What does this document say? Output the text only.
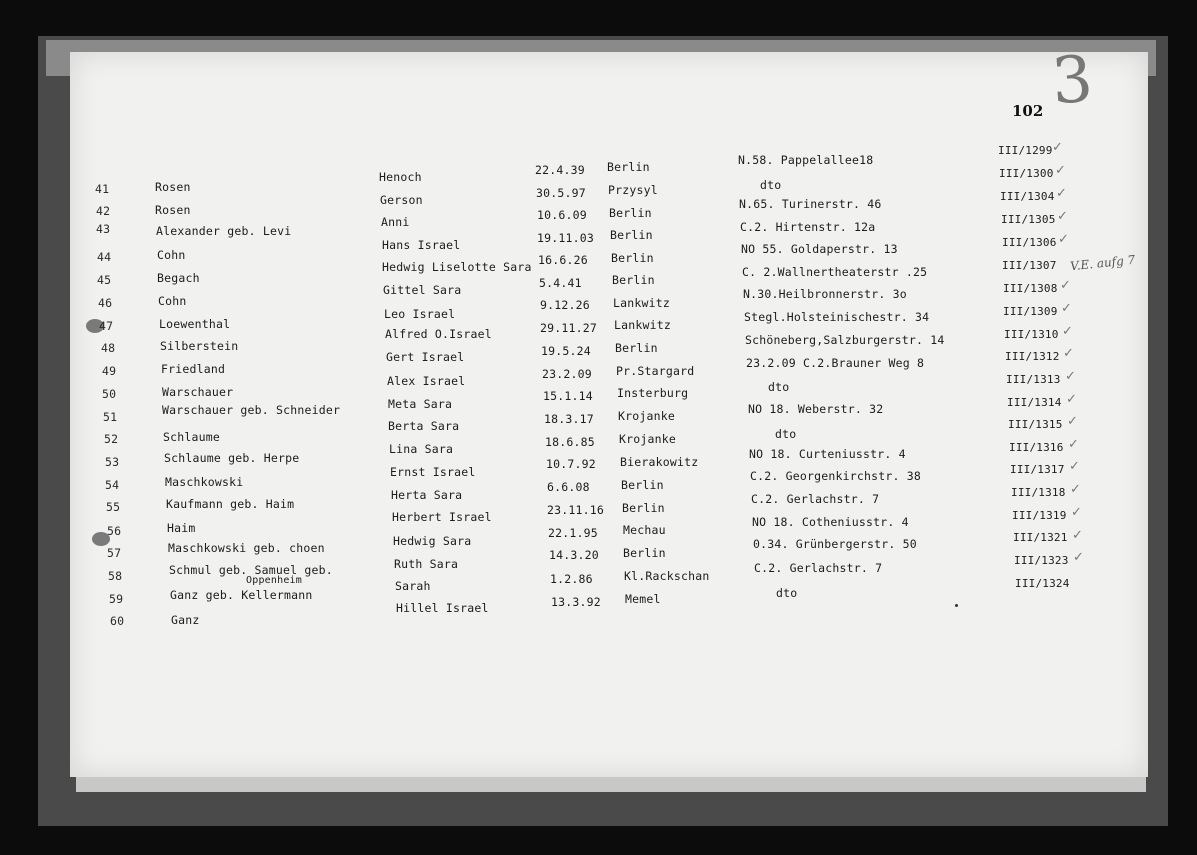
3
102
V.E. aufg 7
41
42
43
44
45
46
47
48
49
50
51
52
53
54
55
56
57
58
59
60
Rosen
Rosen
Alexander geb. Levi
Cohn
Begach
Cohn
Loewenthal
Silberstein
Friedland
Warschauer
Warschauer geb. Schneider
Schlaume
Schlaume geb. Herpe
Maschkowski
Kaufmann geb. Haim
Haim
Maschkowski geb. choen
Schmul geb. Samuel geb.
Oppenheim
Ganz geb. Kellermann
Ganz
Henoch
Gerson
Anni
Hans Israel
Hedwig Liselotte Sara
Gittel Sara
Leo Israel
Alfred O.Israel
Gert Israel
Alex Israel
Meta Sara
Berta Sara
Lina Sara
Ernst Israel
Herta Sara
Herbert Israel
Hedwig Sara
Ruth Sara
Sarah
Hillel Israel
22.4.39
30.5.97
10.6.09
19.11.03
16.6.26
5.4.41
9.12.26
29.11.27
19.5.24
23.2.09
15.1.14
18.3.17
18.6.85
10.7.92
6.6.08
23.11.16
22.1.95
14.3.20
1.2.86
13.3.92
Berlin
Przysyl
Berlin
Berlin
Berlin
Berlin
Lankwitz
Lankwitz
Berlin
Pr.Stargard
Insterburg
Krojanke
Krojanke
Bierakowitz
Berlin
Berlin
Mechau
Berlin
Kl.Rackschan
Memel
N.58. Pappelallee18
dto
N.65. Turinerstr. 46
C.2. Hirtenstr. 12a
NO 55. Goldaperstr. 13
C. 2.Wallnertheaterstr .25
N.30.Heilbronnerstr. 3o
Stegl.Holsteinischestr. 34
Schöneberg,Salzburgerstr. 14
23.2.09 C.2.Brauner Weg 8
dto
NO 18. Weberstr. 32
dto
NO 18. Curteniusstr. 4
C.2. Georgenkirchstr. 38
C.2. Gerlachstr. 7
NO 18. Cotheniusstr. 4
0.34. Grünbergerstr. 50
C.2. Gerlachstr. 7
dto
III/1299
III/1300
III/1304
III/1305
III/1306
III/1307
III/1308
III/1309
III/1310
III/1312
III/1313
III/1314
III/1315
III/1316
III/1317
III/1318
III/1319
III/1321
III/1323
III/1324
✓
✓
✓
✓
✓
✓
✓
✓
✓
✓
✓
✓
✓
✓
✓
✓
✓
✓
